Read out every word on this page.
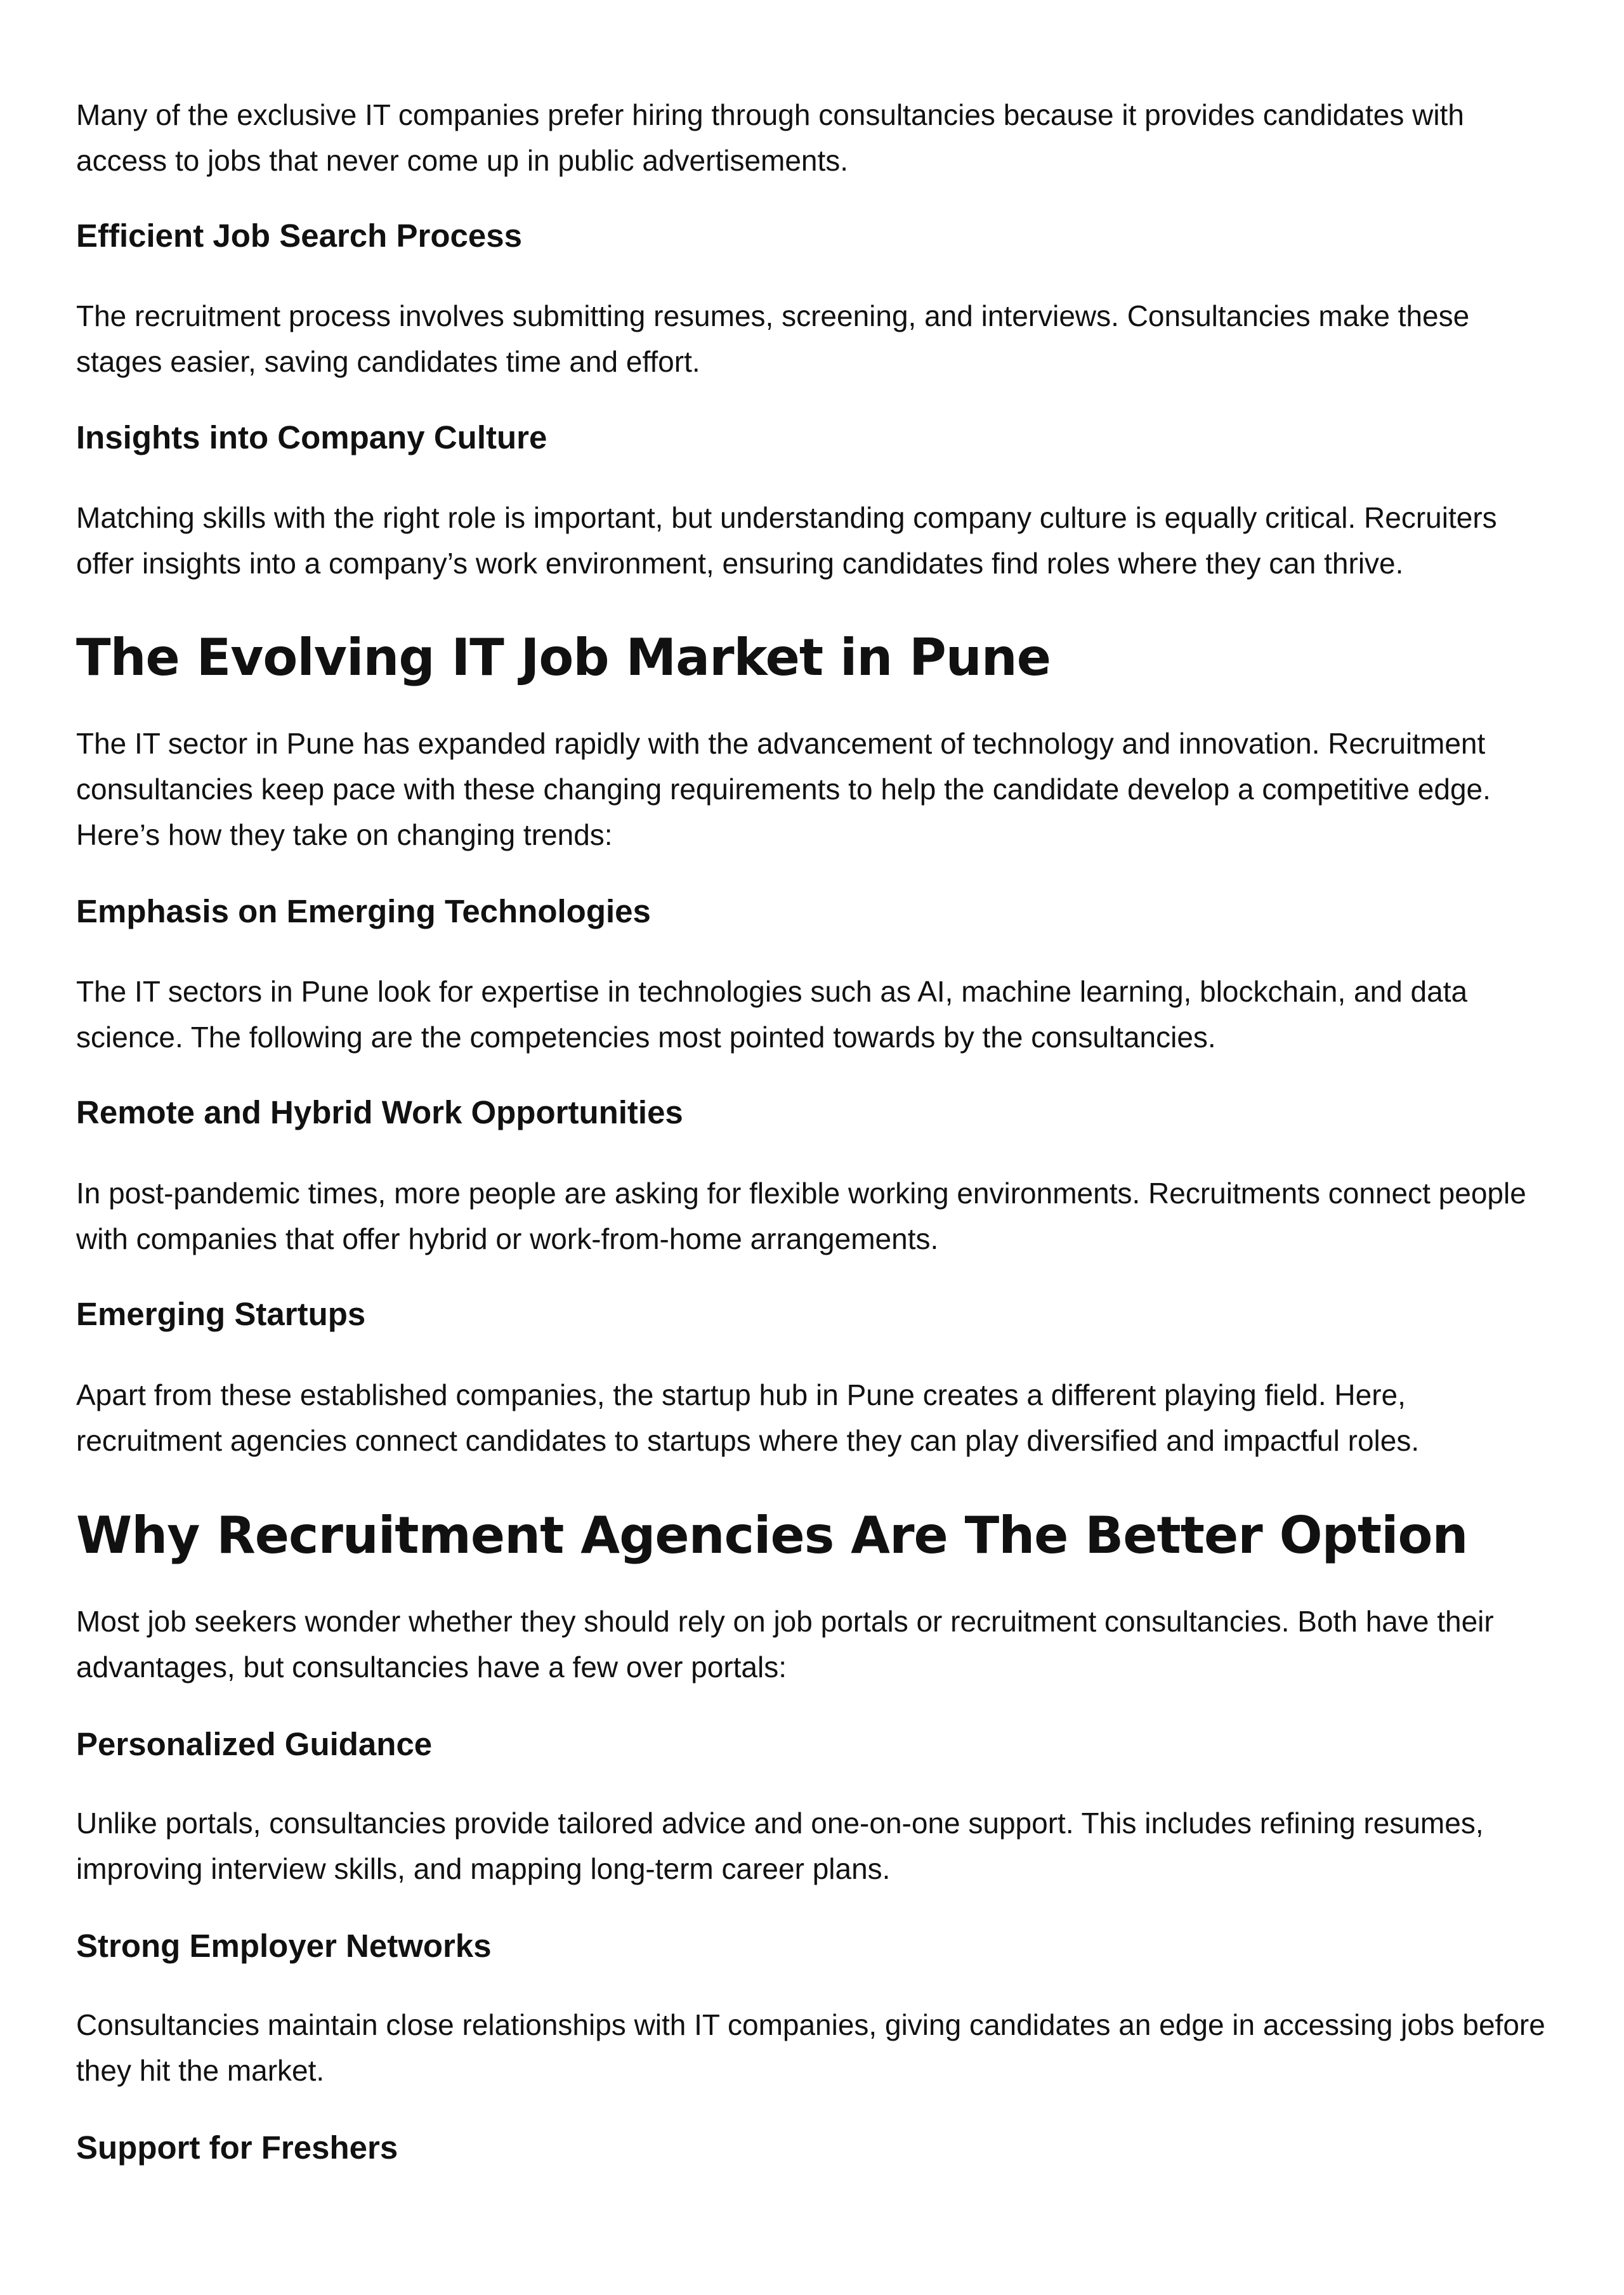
Many of the exclusive IT companies prefer hiring through consultancies because it provides candidates with access to jobs that never come up in public advertisements.

Efficient Job Search Process

The recruitment process involves submitting resumes, screening, and interviews. Consultancies make these stages easier, saving candidates time and effort.

Insights into Company Culture

Matching skills with the right role is important, but understanding company culture is equally critical. Recruiters offer insights into a company’s work environment, ensuring candidates find roles where they can thrive.

The Evolving IT Job Market in Pune

The IT sector in Pune has expanded rapidly with the advancement of technology and innovation. Recruitment consultancies keep pace with these changing requirements to help the candidate develop a competitive edge. Here’s how they take on changing trends:

Emphasis on Emerging Technologies

The IT sectors in Pune look for expertise in technologies such as AI, machine learning, blockchain, and data science. The following are the competencies most pointed towards by the consultancies.

Remote and Hybrid Work Opportunities

In post-pandemic times, more people are asking for flexible working environments. Recruitments connect people with companies that offer hybrid or work-from-home arrangements.

Emerging Startups

Apart from these established companies, the startup hub in Pune creates a different playing field. Here, recruitment agencies connect candidates to startups where they can play diversified and impactful roles.

Why Recruitment Agencies Are The Better Option

Most job seekers wonder whether they should rely on job portals or recruitment consultancies. Both have their advantages, but consultancies have a few over portals:

Personalized Guidance

Unlike portals, consultancies provide tailored advice and one-on-one support. This includes refining resumes, improving interview skills, and mapping long-term career plans.

Strong Employer Networks

Consultancies maintain close relationships with IT companies, giving candidates an edge in accessing jobs before they hit the market.

Support for Freshers
